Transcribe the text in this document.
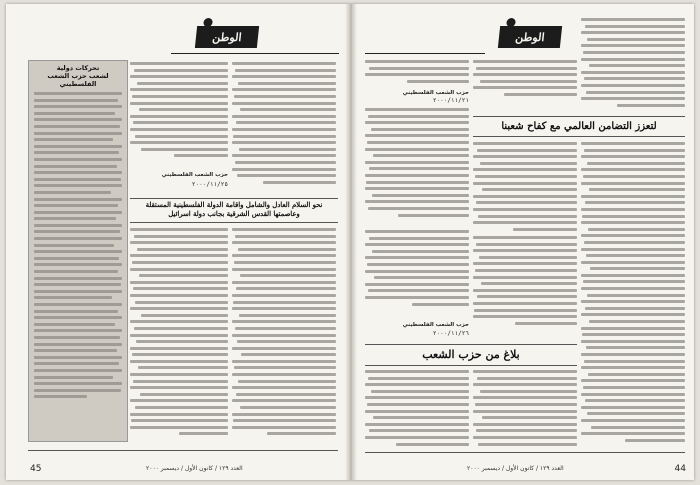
الوطن
تحركات دولية
لشعب حزب الشعب الفلسطيني
حزب الشعب الفلسطيني
٢٠٠٠/١١/٢٥
نحو السلام العادل والشامل واقامة الدولة الفلسطينية المستقلة
وعاصمتها القدس الشرقية بجانب دولة اسرائيل
45	العدد ١٢٩ / كانون الأول / ديسمبر ٢٠٠٠
الوطن
حزب الشعب الفلسطيني
٢٠٠٠/١١/٢١
لتعزز التضامن العالمي مع كفاح شعبنا
حزب الشعب الفلسطيني
٢٠٠٠/١١/٢٦
بلاغ من حزب الشعب
العدد ١٢٩ / كانون الأول / ديسمبر ٢٠٠٠	44
